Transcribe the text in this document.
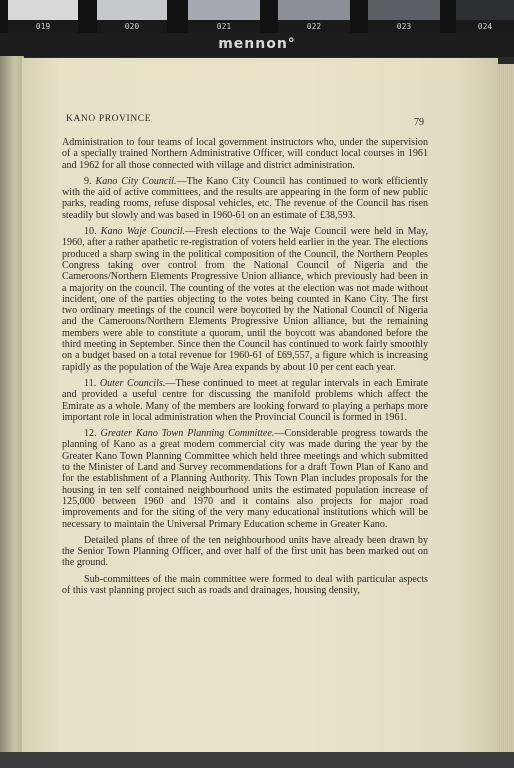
019	020	021	022	023	024
mennon°
KANO PROVINCE	79

Administration to four teams of local government instructors who, under the supervision of a specially trained Northern Administrative Officer, will conduct local courses in 1961 and 1962 for all those connected with village and district administration.

9. Kano City Council.—The Kano City Council has continued to work efficiently with the aid of active committees, and the results are appearing in the form of new public parks, reading rooms, refuse disposal vehicles, etc. The revenue of the Council has risen steadily but slowly and was based in 1960-61 on an estimate of £38,593.

10. Kano Waje Council.—Fresh elections to the Waje Council were held in May, 1960, after a rather apathetic re-registration of voters held earlier in the year. The elections produced a sharp swing in the political composition of the Council, the Northern Peoples Congress taking over control from the National Council of Nigeria and the Cameroons/Northern Elements Progressive Union alliance, which previously had been in a majority on the council. The counting of the votes at the election was not made without incident, one of the parties objecting to the votes being counted in Kano City. The first two ordinary meetings of the council were boycotted by the National Council of Nigeria and the Cameroons/Northern Elements Progressive Union alliance, but the remaining members were able to constitute a quorum, until the boycott was abandoned before the third meeting in September. Since then the Council has continued to work fairly smoothly on a budget based on a total revenue for 1960-61 of £69,557, a figure which is increasing rapidly as the population of the Waje Area expands by about 10 per cent each year.

11. Outer Councils.—These continued to meet at regular intervals in each Emirate and provided a useful centre for discussing the manifold problems which affect the Emirate as a whole. Many of the members are looking forward to playing a perhaps more important role in local administration when the Provincial Council is formed in 1961.

12. Greater Kano Town Planning Committee.—Considerable progress towards the planning of Kano as a great modern commercial city was made during the year by the Greater Kano Town Planning Committee which held three meetings and which submitted to the Minister of Land and Survey recommendations for a draft Town Plan of Kano and for the establishment of a Planning Authority. This Town Plan includes proposals for the housing in ten self contained neighbourhood units the estimated population increase of 125,000 between 1960 and 1970 and it contains also projects for major road improvements and for the siting of the very many educational institutions which will be necessary to maintain the Universal Primary Education scheme in Greater Kano.

Detailed plans of three of the ten neighbourhood units have already been drawn by the Senior Town Planning Officer, and over half of the first unit has been marked out on the ground.

Sub-committees of the main committee were formed to deal with particular aspects of this vast planning project such as roads and drainages, housing density,
